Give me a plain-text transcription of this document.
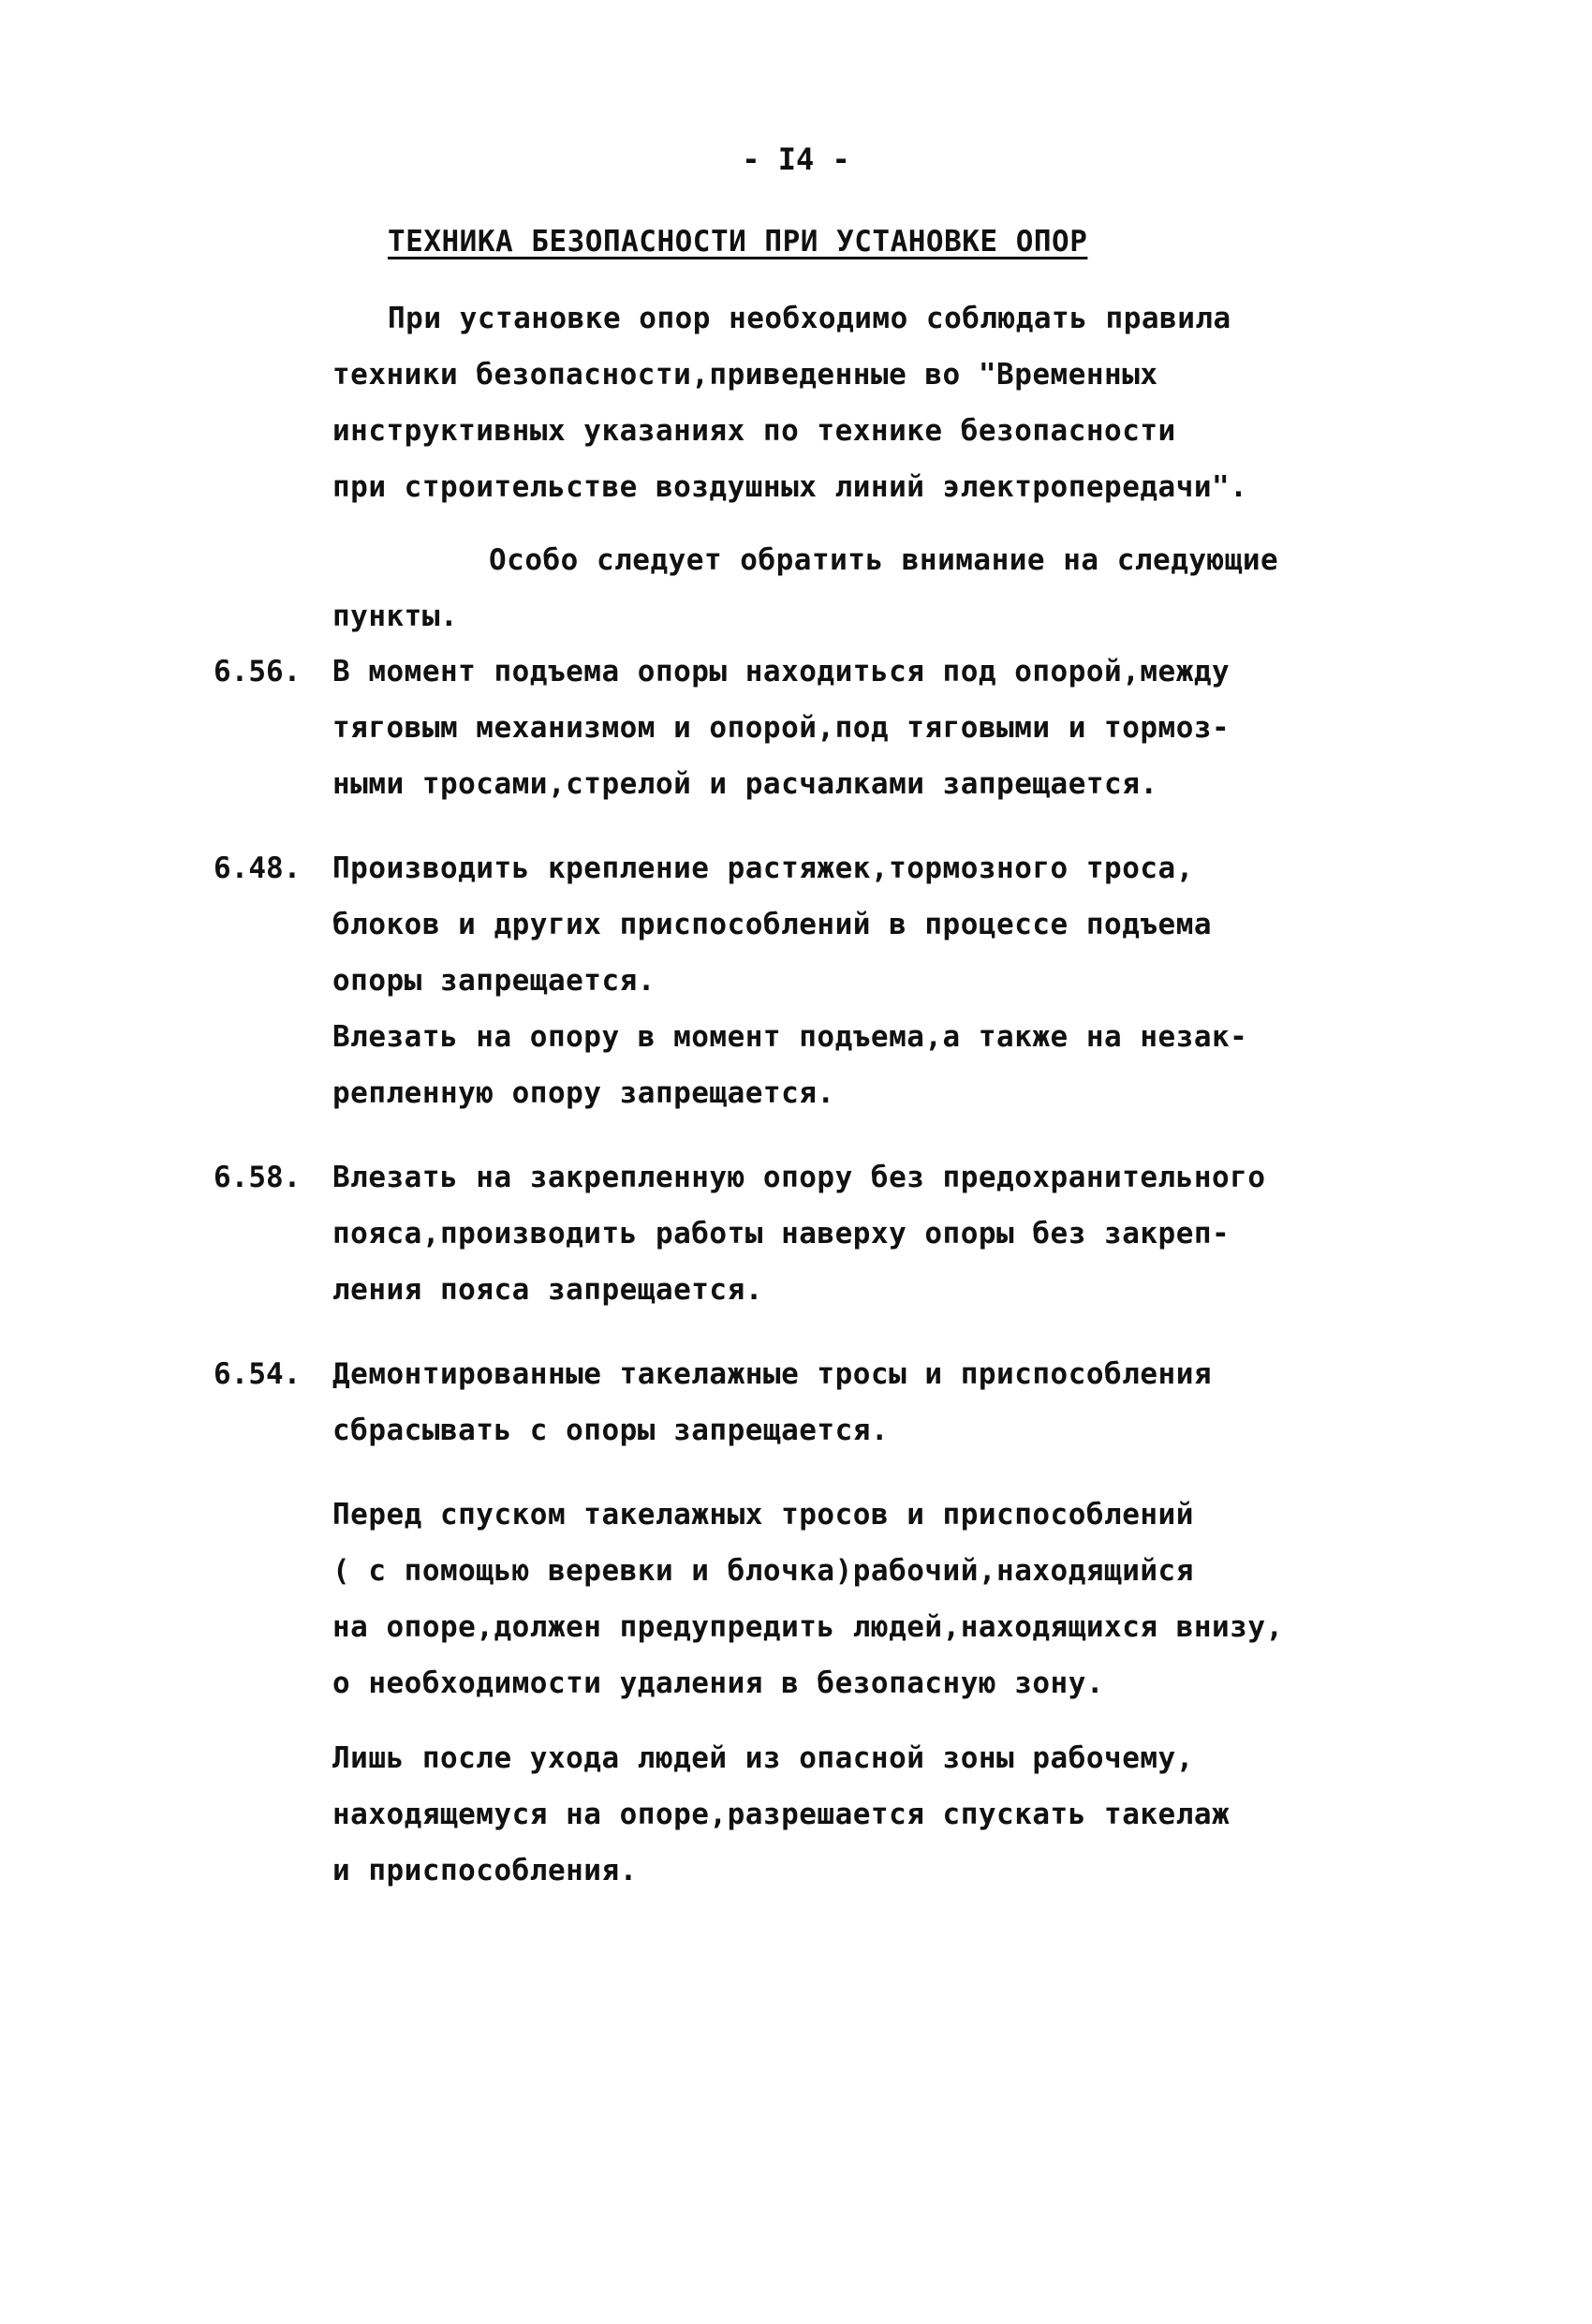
- I4 -
ТЕХНИКА БЕЗОПАСНОСТИ ПРИ УСТАНОВКЕ ОПОР
При установке опор необходимо соблюдать правила
техники безопасности,приведенные во "Временных
инструктивных указаниях по технике безопасности
при строительстве воздушных линий электропередачи".
Особо следует обратить внимание на следующие
пункты.
6.56. В момент подъема опоры находиться под опорой,между
тяговым механизмом и опорой,под тяговыми и тормоз-
ными тросами,стрелой и расчалками запрещается.
6.48. Производить крепление растяжек,тормозного троса,
блоков и других приспособлений в процессе подъема
опоры запрещается.
Влезать на опору в момент подъема,а также на незак-
репленную опору запрещается.
6.58. Влезать на закрепленную опору без предохранительного
пояса,производить работы наверху опоры без закреп-
ления пояса запрещается.
6.54. Демонтированные такелажные тросы и приспособления
сбрасывать с опоры запрещается.
Перед спуском такелажных тросов и приспособлений
( с помощью веревки и блочка)рабочий,находящийся
на опоре,должен предупредить людей,находящихся внизу,
о необходимости удаления в безопасную зону.
Лишь после ухода людей из опасной зоны рабочему,
находящемуся на опоре,разрешается спускать такелаж
и приспособления.
